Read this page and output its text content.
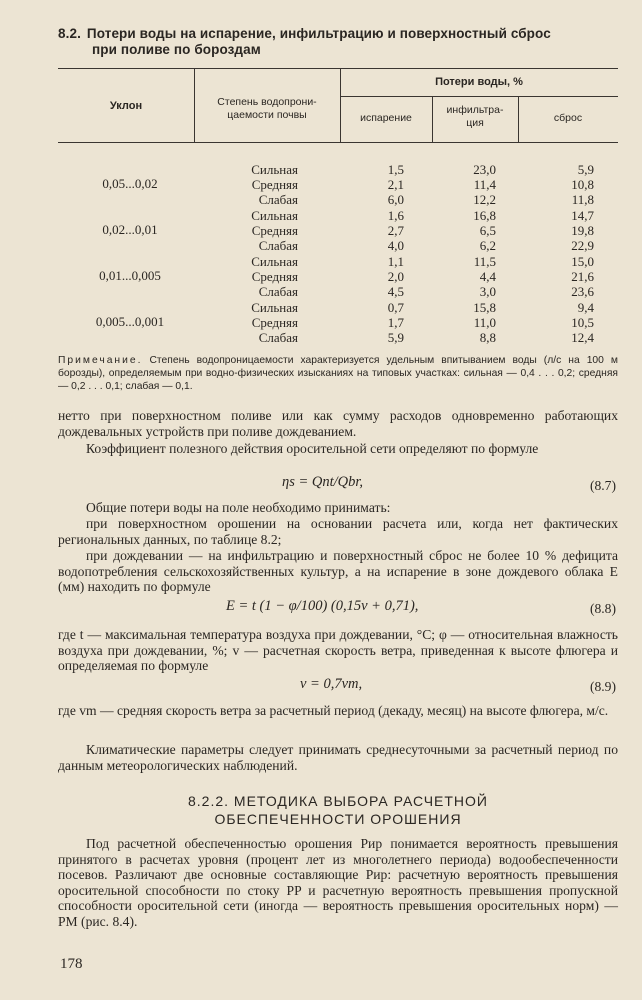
8.2. Потери воды на испарение, инфильтрацию и поверхностный сброс
при поливе по бороздам
Уклон	Степень водопрони-
цаемости почвы
Потери воды, %
испарение
инфильтра-
ция	сброс
0,05...0,02
Сильная	1,5	23,0	5,9
Средняя	2,1	11,4	10,8
Слабая	6,0	12,2	11,8
0,02...0,01
Сильная	1,6	16,8	14,7
Средняя	2,7	6,5	19,8
Слабая	4,0	6,2	22,9
0,01...0,005
Сильная	1,1	11,5	15,0
Средняя	2,0	4,4	21,6
Слабая	4,5	3,0	23,6
0,005...0,001
Сильная	0,7	15,8	9,4
Средняя	1,7	11,0	10,5
Слабая	5,9	8,8	12,4
Примечание. Степень водопроницаемости характеризуется удельным впитыванием воды (л/с на 100 м борозды), определяемым при водно-физических изысканиях на типовых участках: сильная — 0,4 . . . 0,2; средняя — 0,2 . . . 0,1; слабая — 0,1.
нетто при поверхностном поливе или как сумму расходов одновременно работающих дождевальных устройств при поливе дождеванием.
Коэффициент полезного действия оросительной сети определяют по формуле
ηs = Qnt/Qbr,	(8.7)
Общие потери воды на поле необходимо принимать:
при поверхностном орошении на основании расчета или, когда нет фактических региональных данных, по таблице 8.2;
при дождевании — на инфильтрацию и поверхностный сброс не более 10 % дефицита водопотребления сельскохозяйственных культур, а на испарение в зоне дождевого облака E (мм) находить по формуле
E = t (1 − φ/100) (0,15v + 0,71),	(8.8)
где t — максимальная температура воздуха при дождевании, °С; φ — относительная влажность воздуха при дождевании, %; v — расчетная скорость ветра, приведенная к высоте флюгера и определяемая по формуле
v = 0,7vm,	(8.9)
где vm — средняя скорость ветра за расчетный период (декаду, месяц) на высоте флюгера, м/с.
Климатические параметры следует принимать среднесуточными за расчетный период по данным метеорологических наблюдений.
8.2.2. МЕТОДИКА ВЫБОРА РАСЧЕТНОЙ
ОБЕСПЕЧЕННОСТИ ОРОШЕНИЯ
Под расчетной обеспеченностью орошения Pир понимается вероятность превышения принятого в расчетах уровня (процент лет из многолетнего периода) водообеспеченности посевов. Различают две основные составляющие Pир: расчетную вероятность превышения оросительной способности по стоку PP и расчетную вероятность превышения пропускной способности оросительной сети (иногда — вероятность превышения оросительных норм) — PM (рис. 8.4).
178
